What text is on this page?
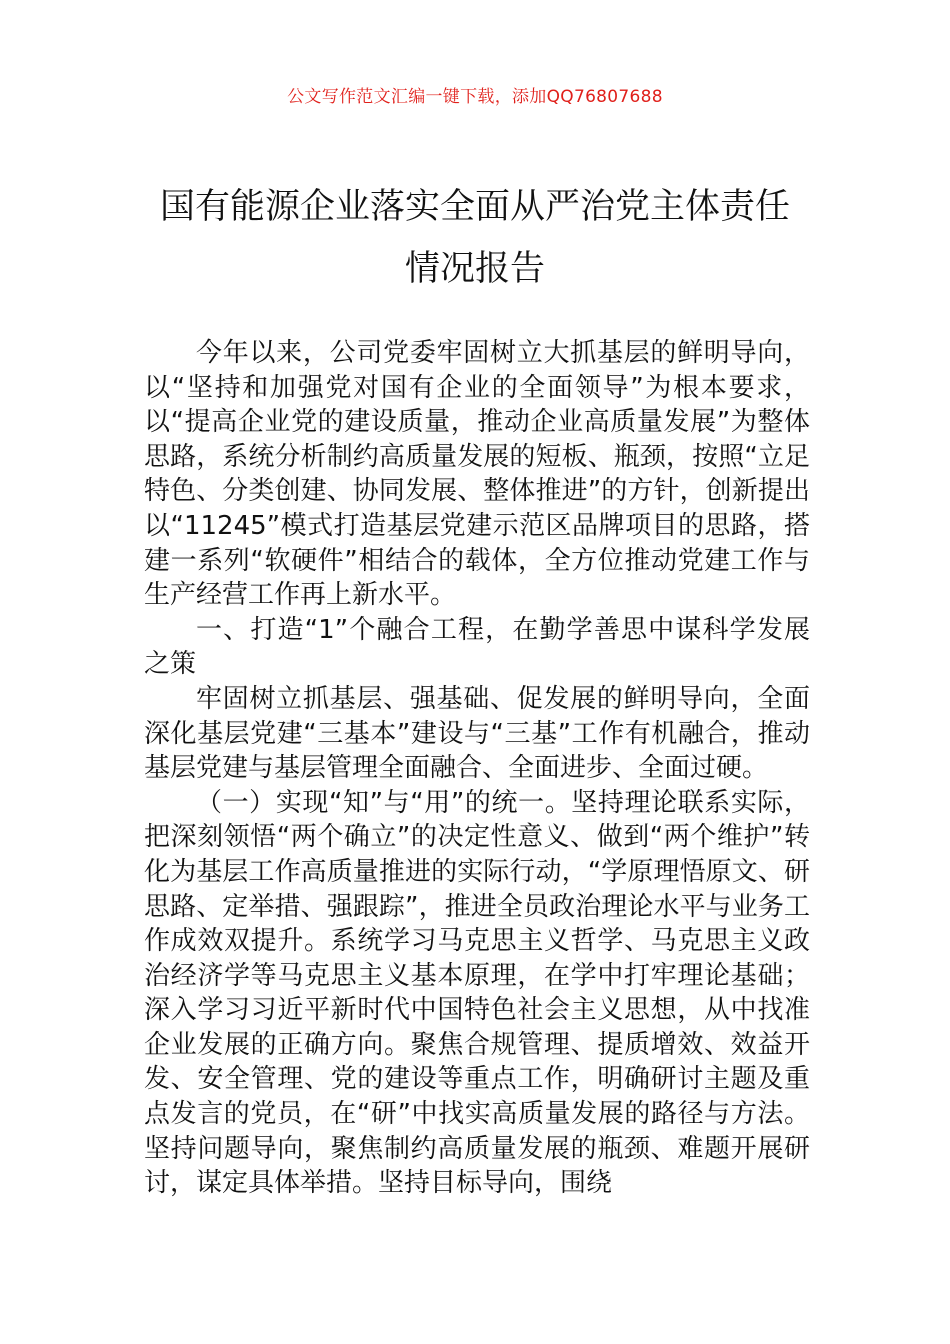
公文写作范文汇编一键下载，添加QQ76807688
国有能源企业落实全面从严治党主体责任
情况报告

今年以来，公司党委牢固树立大抓基层的鲜明导向，以“坚持和加强党对国有企业的全面领导”为根本要求，以“提高企业党的建设质量，推动企业高质量发展”为整体思路，系统分析制约高质量发展的短板、瓶颈，按照“立足特色、分类创建、协同发展、整体推进”的方针，创新提出以“11245”模式打造基层党建示范区品牌项目的思路，搭建一系列“软硬件”相结合的载体，全方位推动党建工作与生产经营工作再上新水平。

一、打造“1”个融合工程，在勤学善思中谋科学发展之策

牢固树立抓基层、强基础、促发展的鲜明导向，全面深化基层党建“三基本”建设与“三基”工作有机融合，推动基层党建与基层管理全面融合、全面进步、全面过硬。

（一）实现“知”与“用”的统一。坚持理论联系实际，把深刻领悟“两个确立”的决定性意义、做到“两个维护”转化为基层工作高质量推进的实际行动，“学原理悟原文、研思路、定举措、强跟踪”，推进全员政治理论水平与业务工作成效双提升。系统学习马克思主义哲学、马克思主义政治经济学等马克思主义基本原理，在学中打牢理论基础；深入学习习近平新时代中国特色社会主义思想，从中找准企业发展的正确方向。聚焦合规管理、提质增效、效益开发、安全管理、党的建设等重点工作，明确研讨主题及重点发言的党员，在“研”中找实高质量发展的路径与方法。坚持问题导向，聚焦制约高质量发展的瓶颈、难题开展研讨，谋定具体举措。坚持目标导向，围绕
